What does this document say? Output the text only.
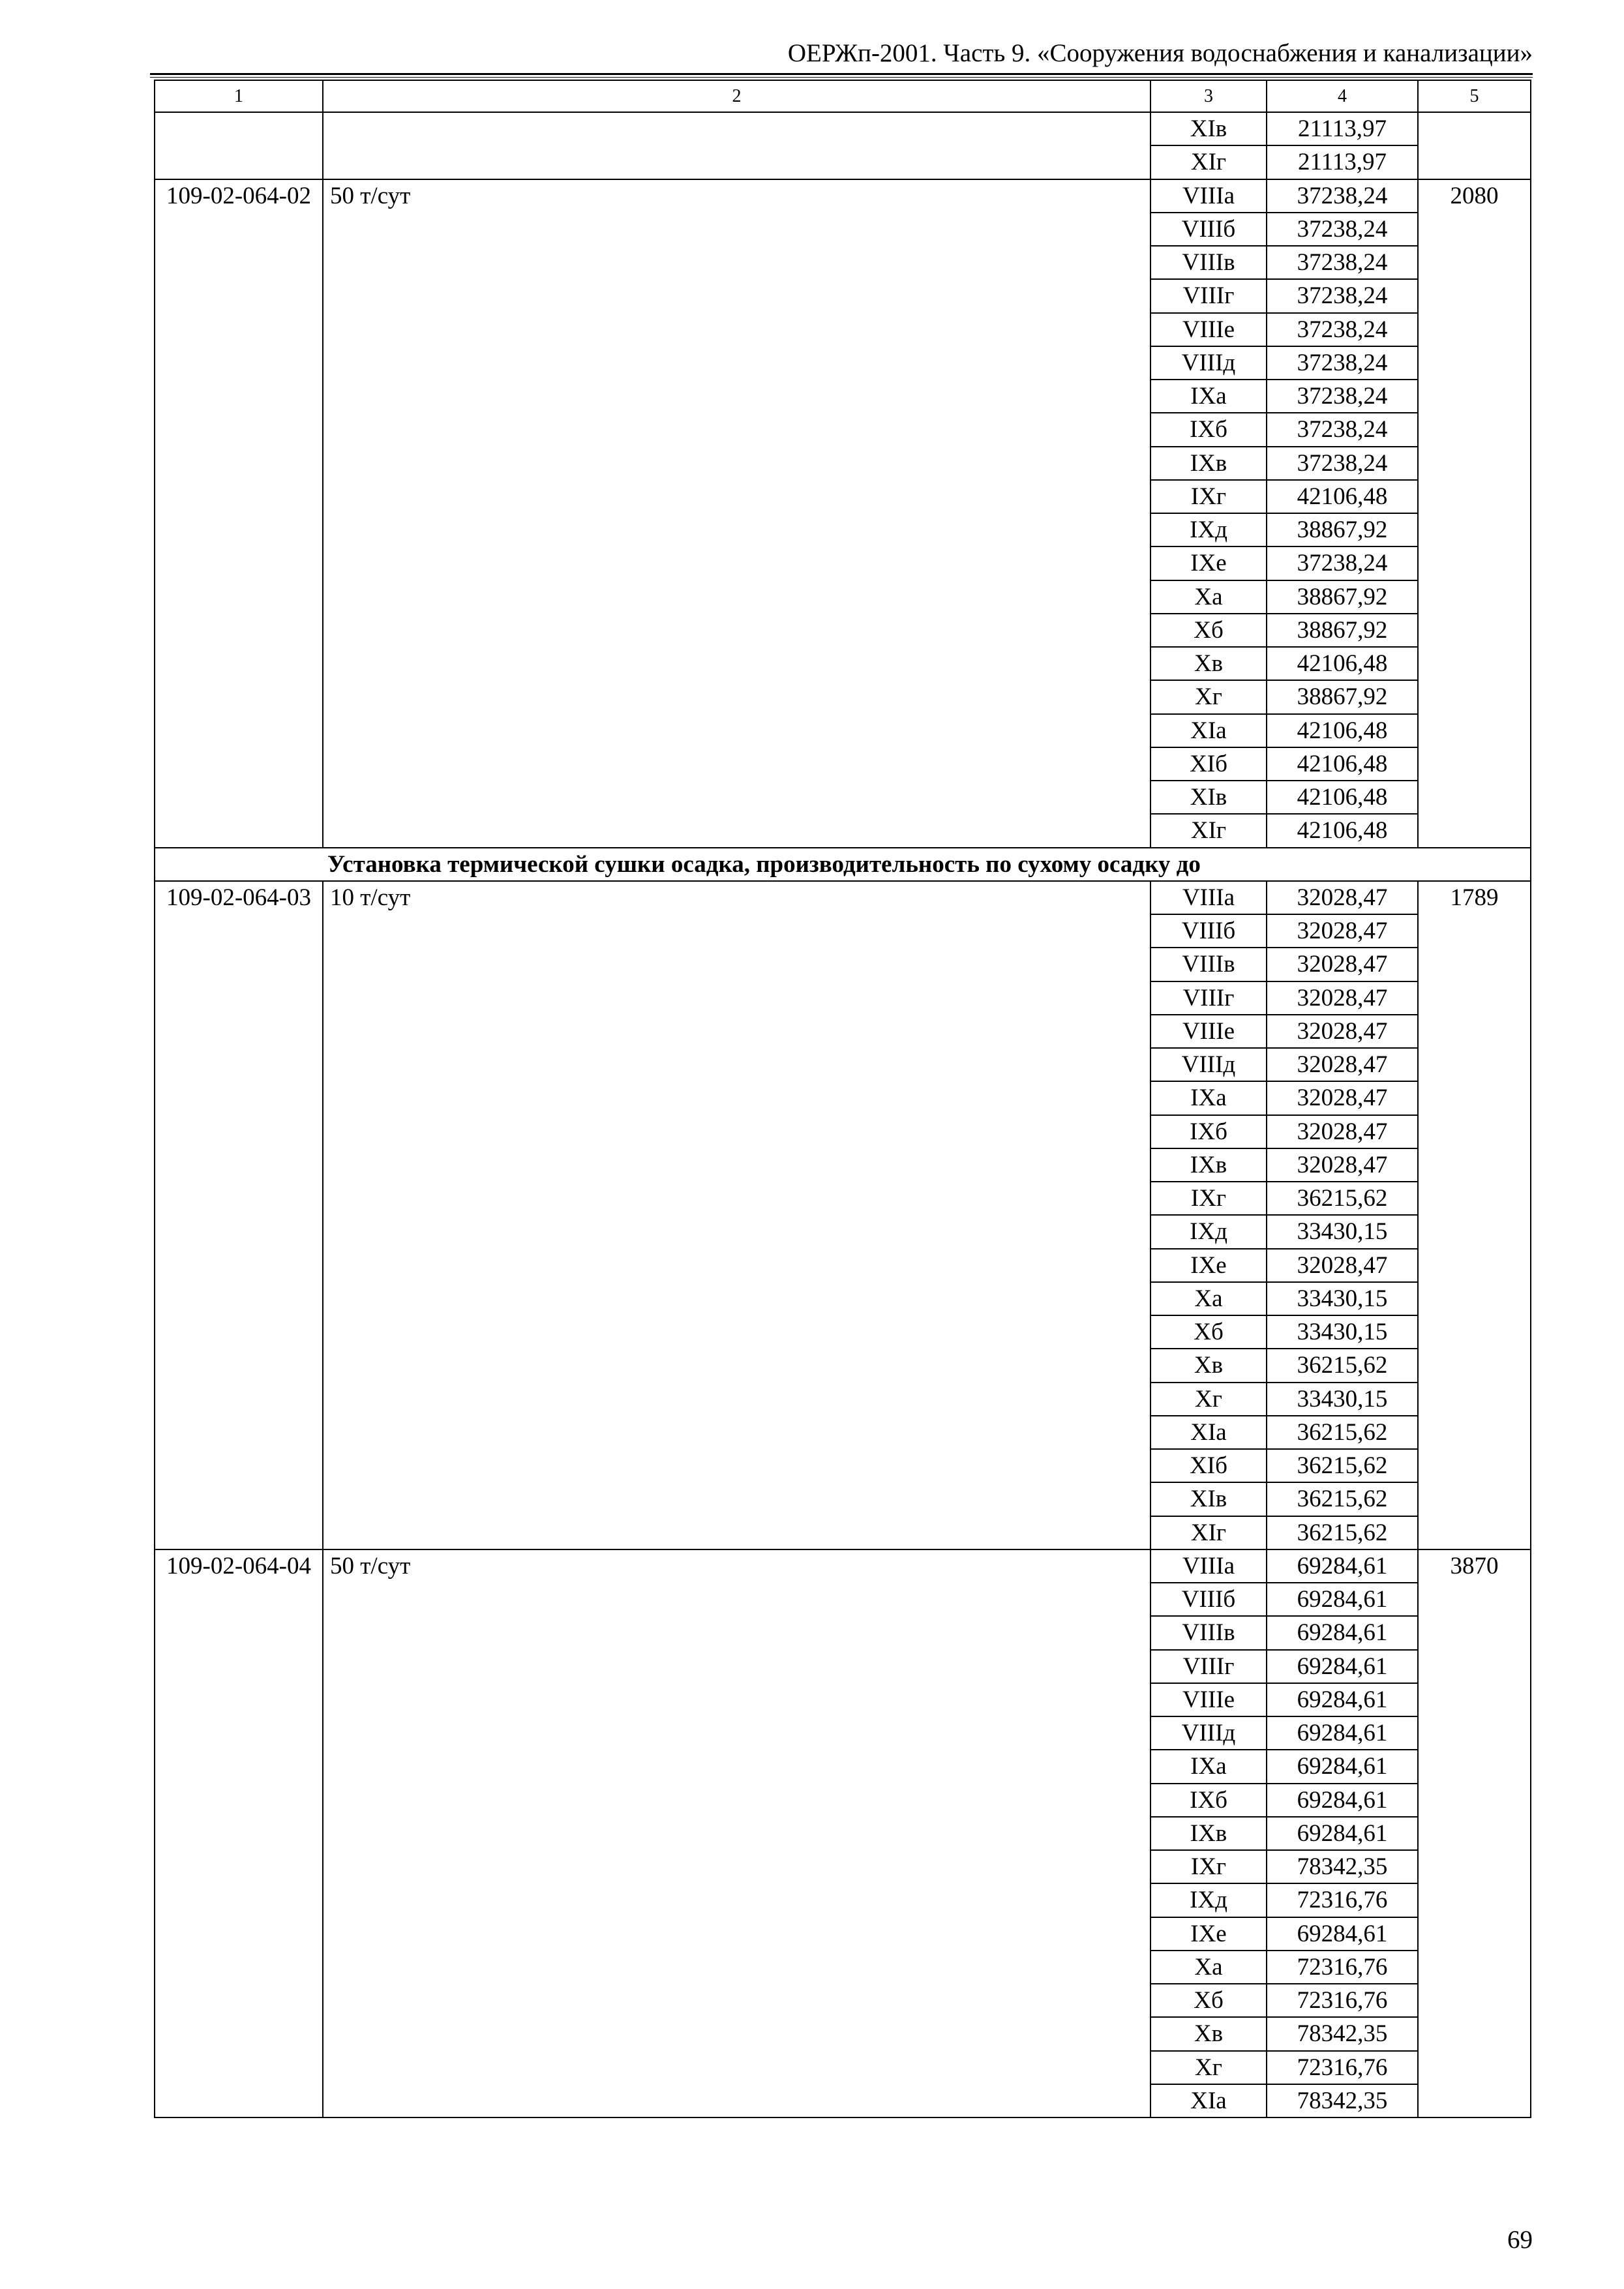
ОЕРЖп-2001. Часть 9. «Сооружения водоснабжения и канализации»
1	2	3	4	5
		XIв	21113,97	
		XIг	21113,97	
109-02-064-02	50 т/сут	VIIIа	37238,24	2080
		VIIIб	37238,24	
		VIIIв	37238,24	
		VIIIг	37238,24	
		VIIIе	37238,24	
		VIIIд	37238,24	
		IXа	37238,24	
		IXб	37238,24	
		IXв	37238,24	
		IXг	42106,48	
		IXд	38867,92	
		IXе	37238,24	
		Xа	38867,92	
		Xб	38867,92	
		Xв	42106,48	
		Xг	38867,92	
		XIа	42106,48	
		XIб	42106,48	
		XIв	42106,48	
		XIг	42106,48	
Установка термической сушки осадка, производительность по сухому осадку до				
109-02-064-03	10 т/сут	VIIIа	32028,47	1789
		VIIIб	32028,47	
		VIIIв	32028,47	
		VIIIг	32028,47	
		VIIIе	32028,47	
		VIIIд	32028,47	
		IXа	32028,47	
		IXб	32028,47	
		IXв	32028,47	
		IXг	36215,62	
		IXд	33430,15	
		IXе	32028,47	
		Xа	33430,15	
		Xб	33430,15	
		Xв	36215,62	
		Xг	33430,15	
		XIа	36215,62	
		XIб	36215,62	
		XIв	36215,62	
		XIг	36215,62	
109-02-064-04	50 т/сут	VIIIа	69284,61	3870
		VIIIб	69284,61	
		VIIIв	69284,61	
		VIIIг	69284,61	
		VIIIе	69284,61	
		VIIIд	69284,61	
		IXа	69284,61	
		IXб	69284,61	
		IXв	69284,61	
		IXг	78342,35	
		IXд	72316,76	
		IXе	69284,61	
		Xа	72316,76	
		Xб	72316,76	
		Xв	78342,35	
		Xг	72316,76	
		XIа	78342,35	
69
